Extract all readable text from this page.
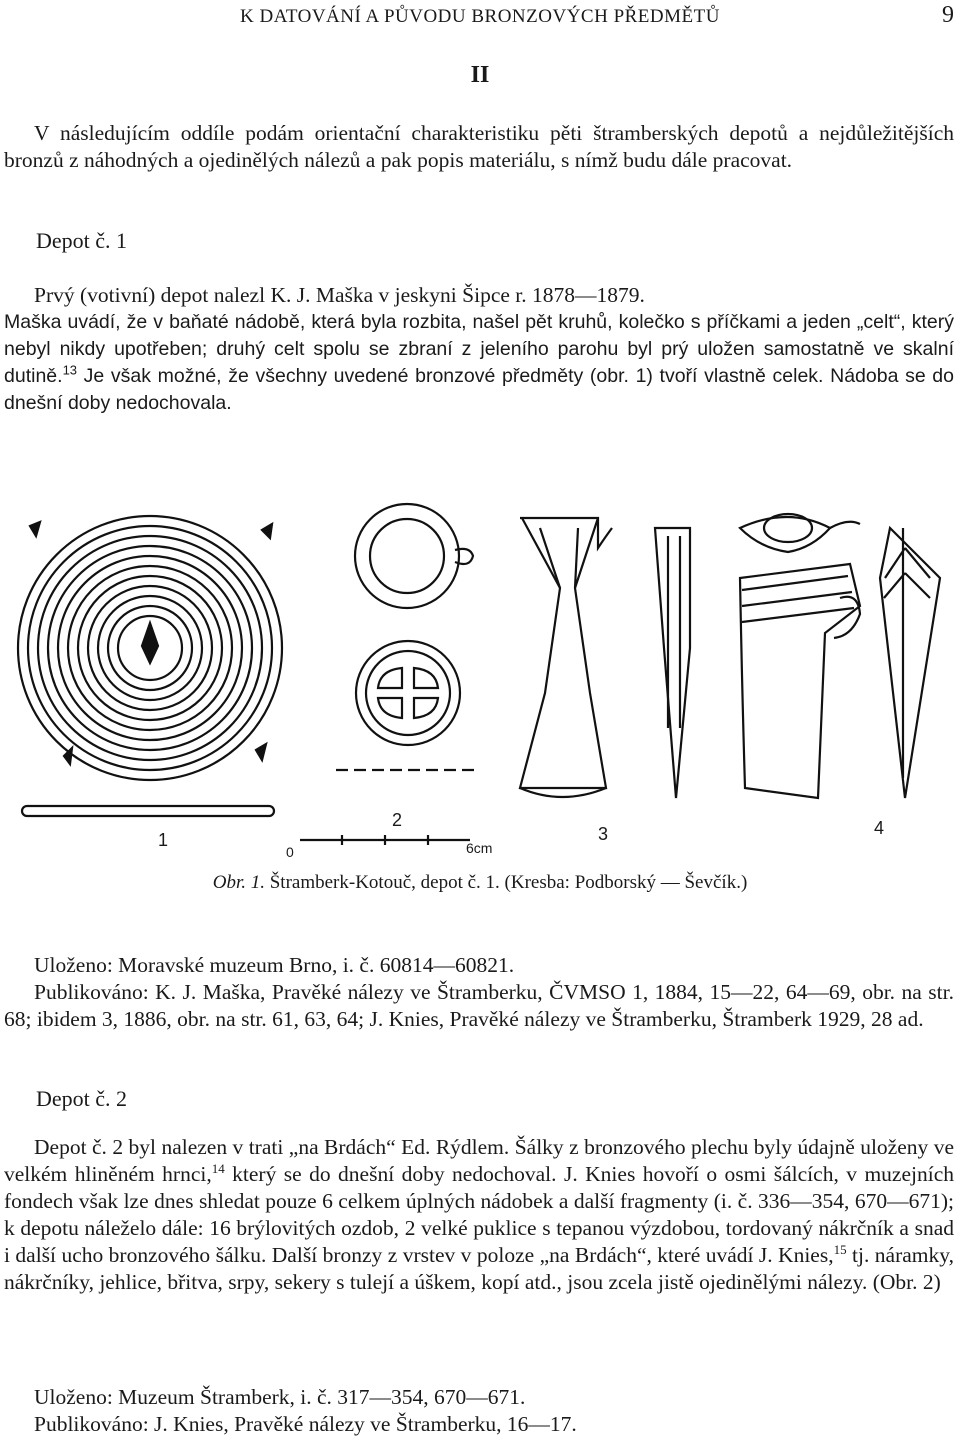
K DATOVÁNÍ A PŮVODU BRONZOVÝCH PŘEDMĚTŮ	9
II

V následujícím oddíle podám orientační charakteristiku pěti štramberských depotů a nejdůležitějších bronzů z náhodných a ojedinělých nálezů a pak popis materiálu, s nímž budu dále pracovat.

Depot č. 1

Prvý (votivní) depot nalezl K. J. Maška v jeskyni Šipce r. 1878—1879.

Maška uvádí, že v baňaté nádobě, která byla rozbita, našel pět kruhů, kolečko s příčkami a jeden „celt“, který nebyl nikdy upotřeben; druhý celt spolu se zbraní z jeleního parohu byl prý uložen samostatně ve skalní dutině.$^{13}$ Je však možné, že všechny uvedené bronzové předměty (obr. 1) tvoří vlastně celek. Nádoba se do dnešní doby nedochovala.

1
2
3	4
0	6cm
Obr. 1. Štramberk-Kotouč, depot č. 1. (Kresba: Podborský — Ševčík.)

Uloženo: Moravské muzeum Brno, i. č. 60814—60821.

Publikováno: K. J. Maška, Pravěké nálezy ve Štramberku, ČVMSO 1, 1884, 15—22, 64—69, obr. na str. 68; ibidem 3, 1886, obr. na str. 61, 63, 64; J. Knies, Pravěké nálezy ve Štramberku, Štramberk 1929, 28 ad.

Depot č. 2

Depot č. 2 byl nalezen v trati „na Brdách“ Ed. Rýdlem. Šálky z bronzového plechu byly údajně uloženy ve velkém hliněném hrnci,$^{14}$ který se do dnešní doby nedochoval. J. Knies hovoří o osmi šálcích, v muzejních fondech však lze dnes shledat pouze 6 celkem úplných nádobek a další fragmenty (i. č. 336—354, 670—671); k depotu náleželo dále: 16 brýlovitých ozdob, 2 velké puklice s tepanou výzdobou, tordovaný nákrčník a snad i další ucho bronzového šálku. Další bronzy z vrstev v poloze „na Brdách“, které uvádí J. Knies,$^{15}$ tj. náramky, nákrčníky, jehlice, břitva, srpy, sekery s tulejí a úškem, kopí atd., jsou zcela jistě ojedinělými nálezy. (Obr. 2)

Uloženo: Muzeum Štramberk, i. č. 317—354, 670—671.

Publikováno: J. Knies, Pravěké nálezy ve Štramberku, 16—17.
